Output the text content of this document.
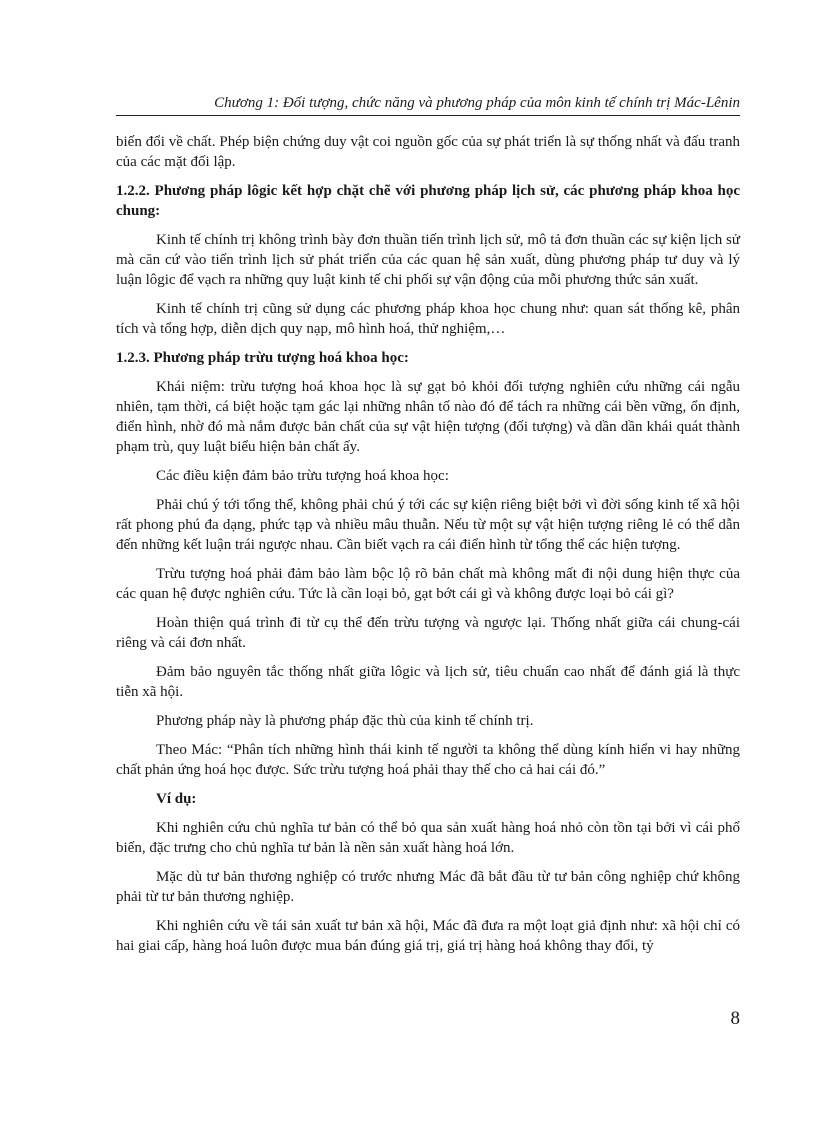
Chương 1: Đối tượng, chức năng và phương pháp của môn kinh tế chính trị Mác-Lênin

biến đổi về chất. Phép biện chứng duy vật coi nguồn gốc của sự phát triển là sự thống nhất và đấu tranh của các mặt đối lập.

1.2.2. Phương pháp lôgic kết hợp chặt chẽ với phương pháp lịch sử, các phương pháp khoa học chung:

Kinh tế chính trị không trình bày đơn thuần tiến trình lịch sử, mô tả đơn thuần các sự kiện lịch sử mà căn cứ vào tiến trình lịch sử phát triển của các quan hệ sản xuất, dùng phương pháp tư duy và lý luận lôgic để vạch ra những quy luật kinh tế chi phối sự vận động của mỗi phương thức sản xuất.

Kinh tế chính trị cũng sử dụng các phương pháp khoa học chung như: quan sát thống kê, phân tích và tổng hợp, diễn dịch quy nạp, mô hình hoá, thử nghiệm,…

1.2.3. Phương pháp trừu tượng hoá khoa học:

Khái niệm: trừu tượng hoá khoa học là sự gạt bỏ khỏi đối tượng nghiên cứu những cái ngẫu nhiên, tạm thời, cá biệt hoặc tạm gác lại những nhân tố nào đó để tách ra những cái bền vững, ổn định, điển hình, nhờ đó mà nắm được bản chất của sự vật hiện tượng (đối tượng) và dần dần khái quát thành phạm trù, quy luật biểu hiện bản chất ấy.

Các điều kiện đảm bảo trừu tượng hoá khoa học:

Phải chú ý tới tổng thể, không phải chú ý tới các sự kiện riêng biệt bởi vì đời sống kinh tế xã hội rất phong phú đa dạng, phức tạp và nhiều mâu thuẫn. Nếu từ một sự vật hiện tượng riêng lẻ có thể dẫn đến những kết luận trái ngược nhau. Cần biết vạch ra cái điển hình từ tổng thể các hiện tượng.

Trừu tượng hoá phải đảm bảo làm bộc lộ rõ bản chất mà không mất đi nội dung hiện thực của các quan hệ được nghiên cứu. Tức là cần loại bỏ, gạt bớt cái gì và không được loại bỏ cái gì?

Hoàn thiện quá trình đi từ cụ thể đến trừu tượng và ngược lại. Thống nhất giữa cái chung-cái riêng và cái đơn nhất.

Đảm bảo nguyên tắc thống nhất giữa lôgic và lịch sử, tiêu chuẩn cao nhất để đánh giá là thực tiễn xã hội.

Phương pháp này là phương pháp đặc thù của kinh tế chính trị.

Theo Mác: “Phân tích những hình thái kinh tế người ta không thể dùng kính hiển vi hay những chất phản ứng hoá học được. Sức trừu tượng hoá phải thay thế cho cả hai cái đó.”

Ví dụ:

Khi nghiên cứu chủ nghĩa tư bản có thể bỏ qua sản xuất hàng hoá nhỏ còn tồn tại bởi vì cái phổ biến, đặc trưng cho chủ nghĩa tư bản là nền sản xuất hàng hoá lớn.

Mặc dù tư bản thương nghiệp có trước nhưng Mác đã bắt đầu từ tư bản công nghiệp chứ không phải từ tư bản thương nghiệp.

Khi nghiên cứu về tái sản xuất tư bản xã hội, Mác đã đưa ra một loạt giả định như: xã hội chỉ có hai giai cấp, hàng hoá luôn được mua bán đúng giá trị, giá trị hàng hoá không thay đổi, tỷ

8
